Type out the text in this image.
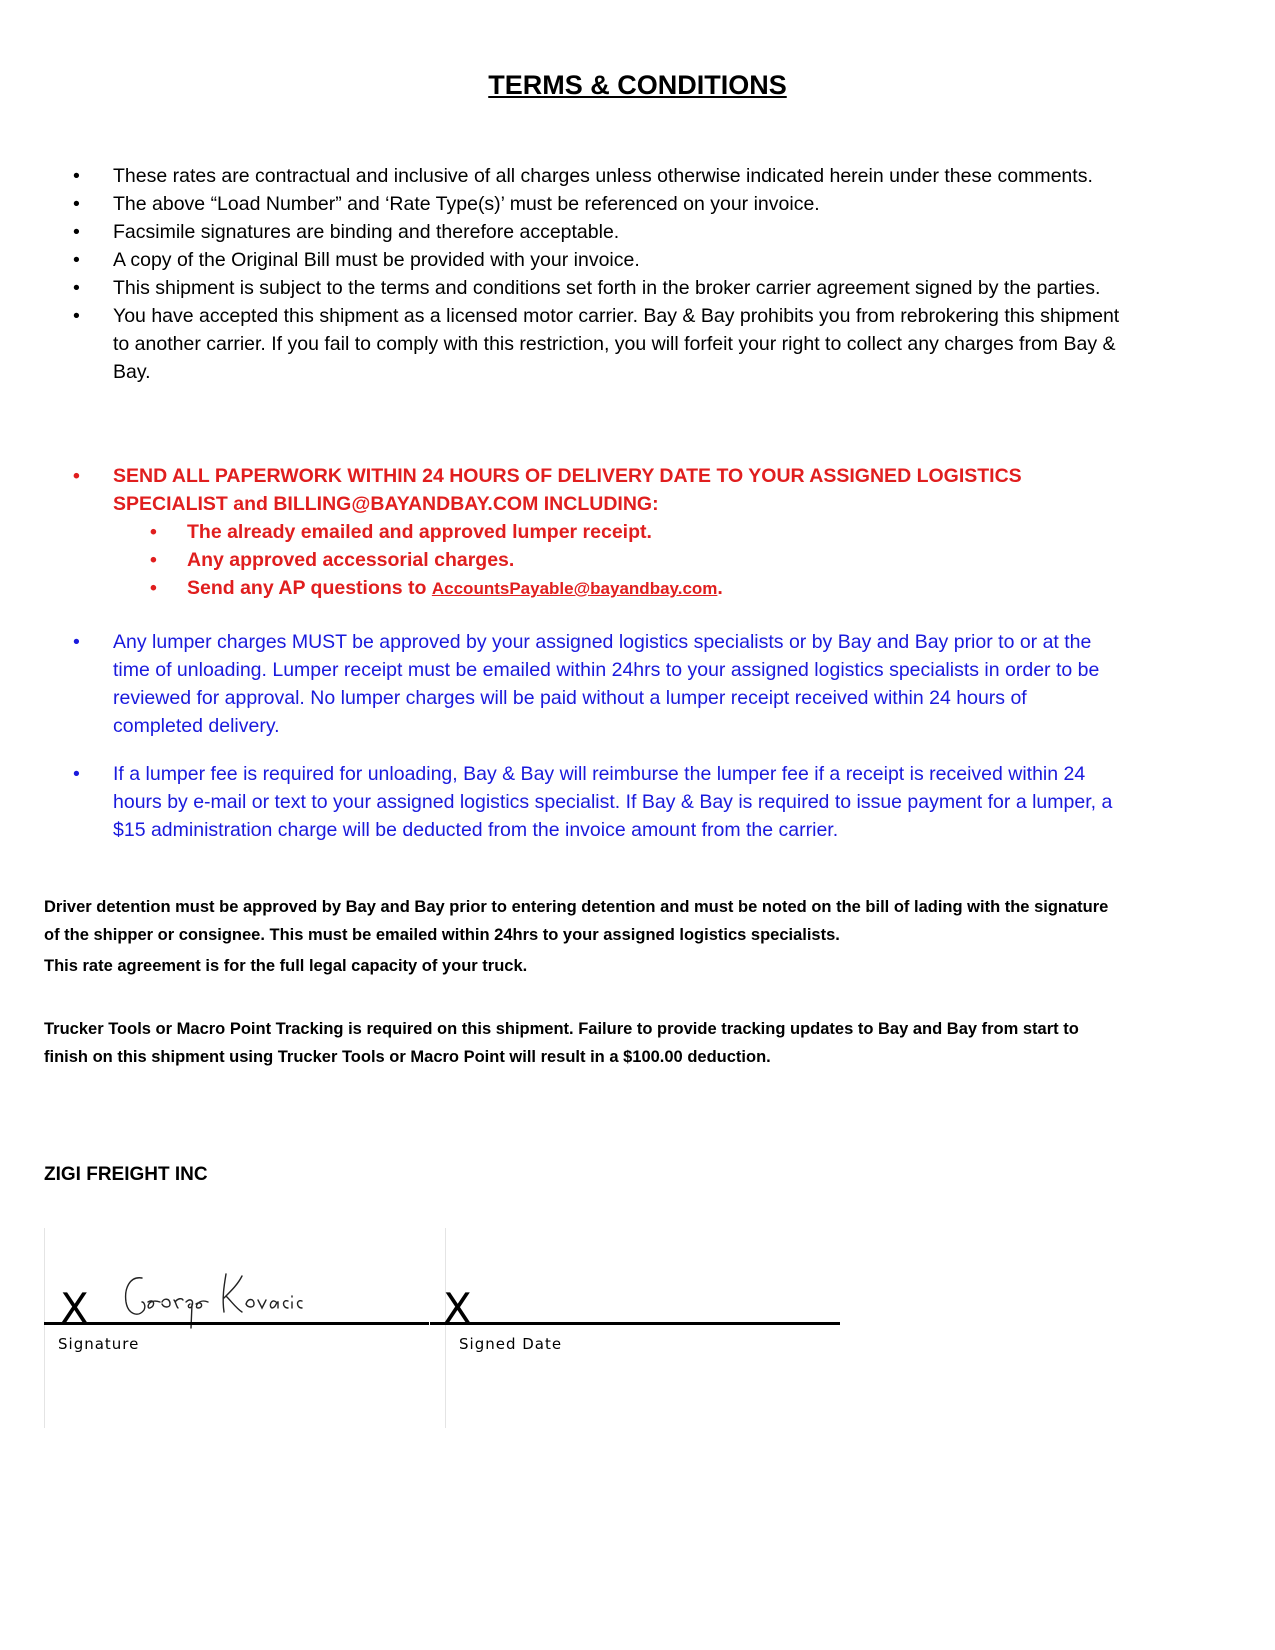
TERMS & CONDITIONS
• These rates are contractual and inclusive of all charges unless otherwise indicated herein under these comments.
• The above “Load Number” and ‘Rate Type(s)’ must be referenced on your invoice.
• Facsimile signatures are binding and therefore acceptable.
• A copy of the Original Bill must be provided with your invoice.
• This shipment is subject to the terms and conditions set forth in the broker carrier agreement signed by the parties.
• You have accepted this shipment as a licensed motor carrier. Bay & Bay prohibits you from rebrokering this shipment to another carrier. If you fail to comply with this restriction, you will forfeit your right to collect any charges from Bay & Bay.
• SEND ALL PAPERWORK WITHIN 24 HOURS OF DELIVERY DATE TO YOUR ASSIGNED LOGISTICS SPECIALIST and BILLING@BAYANDBAY.COM INCLUDING:
• The already emailed and approved lumper receipt.
• Any approved accessorial charges.
• Send any AP questions to AccountsPayable@bayandbay.com.
• Any lumper charges MUST be approved by your assigned logistics specialists or by Bay and Bay prior to or at the time of unloading. Lumper receipt must be emailed within 24hrs to your assigned logistics specialists in order to be reviewed for approval. No lumper charges will be paid without a lumper receipt received within 24 hours of completed delivery.
• If a lumper fee is required for unloading, Bay & Bay will reimburse the lumper fee if a receipt is received within 24 hours by e-mail or text to your assigned logistics specialist. If Bay & Bay is required to issue payment for a lumper, a $15 administration charge will be deducted from the invoice amount from the carrier.

Driver detention must be approved by Bay and Bay prior to entering detention and must be noted on the bill of lading with the signature of the shipper or consignee. This must be emailed within 24hrs to your assigned logistics specialists.

This rate agreement is for the full legal capacity of your truck.

Trucker Tools or Macro Point Tracking is required on this shipment. Failure to provide tracking updates to Bay and Bay from start to finish on this shipment using Trucker Tools or Macro Point will result in a $100.00 deduction.

ZIGI FREIGHT INC

X
Signature
X
Signed Date
